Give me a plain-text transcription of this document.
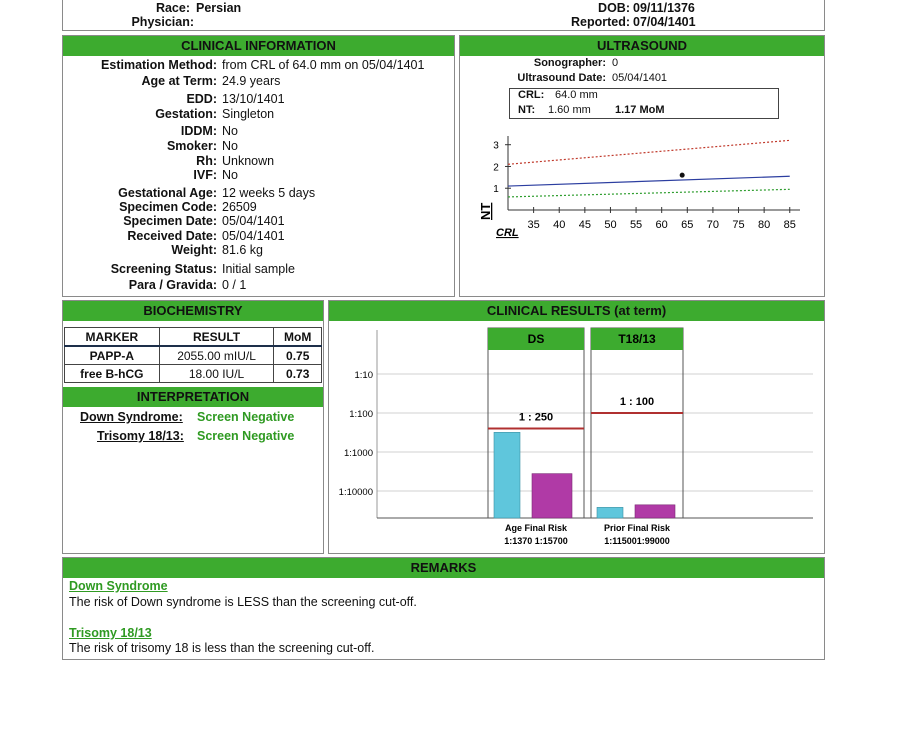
Race: Persian
Physician:
DOB: 09/11/1376
Reported: 07/04/1401
CLINICAL INFORMATION
Estimation Method: from CRL of 64.0 mm on 05/04/1401
Age at Term: 24.9 years
EDD: 13/10/1401
Gestation: Singleton
IDDM: No
Smoker: No
Rh: Unknown
IVF: No
Gestational Age: 12 weeks 5 days
Specimen Code: 26509
Specimen Date: 05/04/1401
Received Date: 05/04/1401
Weight: 81.6 kg
Screening Status: Initial sample
Para / Gravida: 0 / 1
ULTRASOUND
Sonographer: 0
Ultrasound Date: 05/04/1401
CRL: 64.0 mm
NT: 1.60 mm 1.17 MoM
1
2
3
35 40 45 50 55 60 65 70 75 80 85
NT
CRL
BIOCHEMISTRY
MARKER	RESULT	MoM
PAPP-A	2055.00 mIU/L	0.75
free B-hCG	18.00 IU/L	0.73
INTERPRETATION
Down Syndrome: Screen Negative
Trisomy 18/13: Screen Negative
CLINICAL RESULTS (at term)
1:10
1:100
1:1000
1:10000
DS
1 : 250
Age Final Risk
1:1370 1:15700
T18/13
1 : 100
Prior Final Risk
1:115001:99000
REMARKS
Down Syndrome
The risk of Down syndrome is LESS than the screening cut-off.
Trisomy 18/13
The risk of trisomy 18 is less than the screening cut-off.
